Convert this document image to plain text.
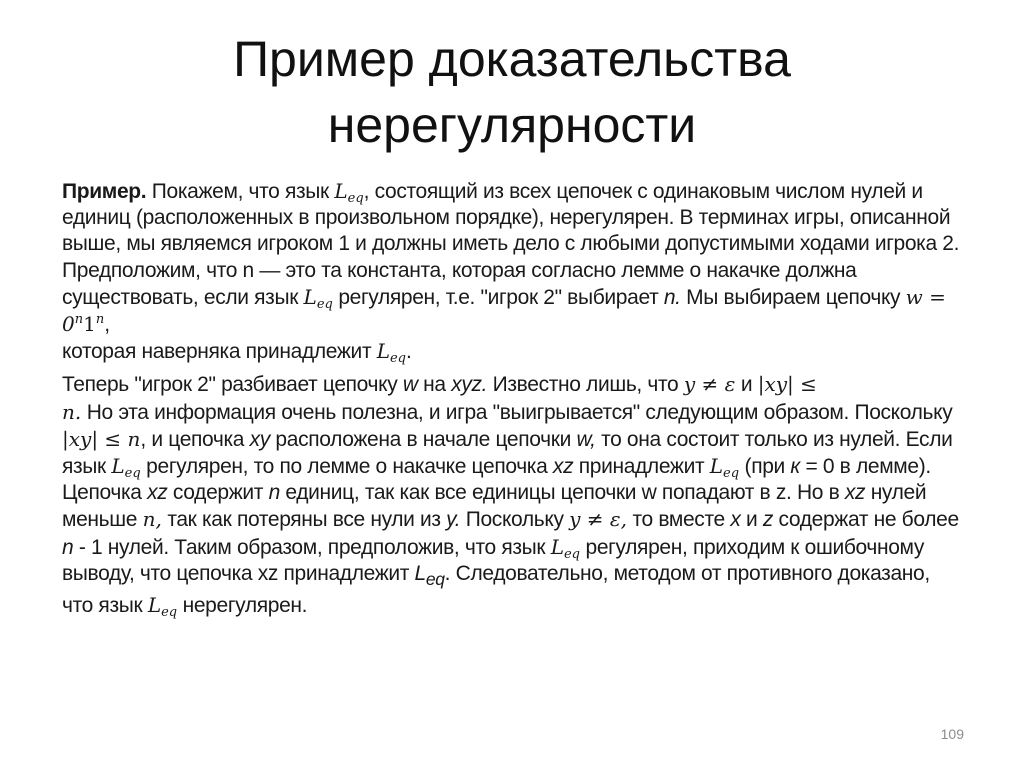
Пример доказательства нерегулярности

Пример. Покажем, что язык $L_{eq}$, состоящий из всех цепочек с одинаковым числом нулей и единиц (расположенных в произвольном порядке), нерегулярен. В терминах игры, описанной выше, мы являемся игроком 1 и должны иметь дело с любыми допустимыми ходами игрока 2. Предположим, что n — это та константа, которая согласно лемме о накачке должна существовать, если язык $L_{eq}$ регулярен, т.е. "игрок 2" выбирает n. Мы выбираем цепочку $w = 0^n1^n$,
которая наверняка принадлежит $L_{eq}$.

Теперь "игрок 2" разбивает цепочку w на xyz. Известно лишь, что y ≠ ε и |xy| ≤
n. Но эта информация очень полезна, и игра "выигрывается" следующим образом. Поскольку |xy| ≤ n, и цепочка xy расположена в начале цепочки w, то она состоит только из нулей. Если язык $L_{eq}$ регулярен, то по лемме о накачке цепочка xz принадлежит $L_{eq}$ (при к = 0 в лемме). Цепочка xz содержит n единиц, так как все единицы цепочки w попадают в z. Но в xz нулей меньше n, так как потеряны все нули из y. Поскольку y ≠ ε, то вместе x и z содержат не более n - 1 нулей. Таким образом, предположив, что язык $L_{eq}$ регулярен, приходим к ошибочному выводу, что цепочка xz принадлежит $L_{eq}$. Следовательно, методом от противного доказано, что язык $L_{eq}$ нерегулярен.

109
